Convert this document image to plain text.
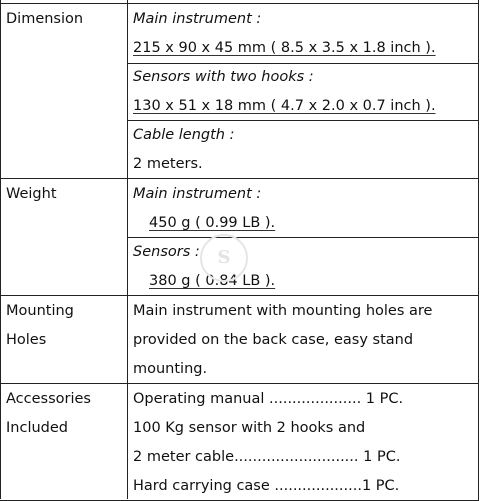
Dimension	Main instrument :
215 x 90 x 45 mm ( 8.5 x 3.5 x 1.8 inch ).
Sensors with two hooks :
130 x 51 x 18 mm ( 4.7 x 2.0 x 0.7 inch ).
Cable length :
2 meters.
Weight	Main instrument :
450 g ( 0.99 LB ).
Sensors :
380 g ( 0.84 LB ).
Mounting
Holes
Main instrument with mounting holes are
provided on the back case, easy stand
mounting.
Accessories
Included
Operating manual .................... 1 PC.
100 Kg sensor with 2 hooks and
2 meter cable........................... 1 PC.
Hard carrying case ...................1 PC.
S
